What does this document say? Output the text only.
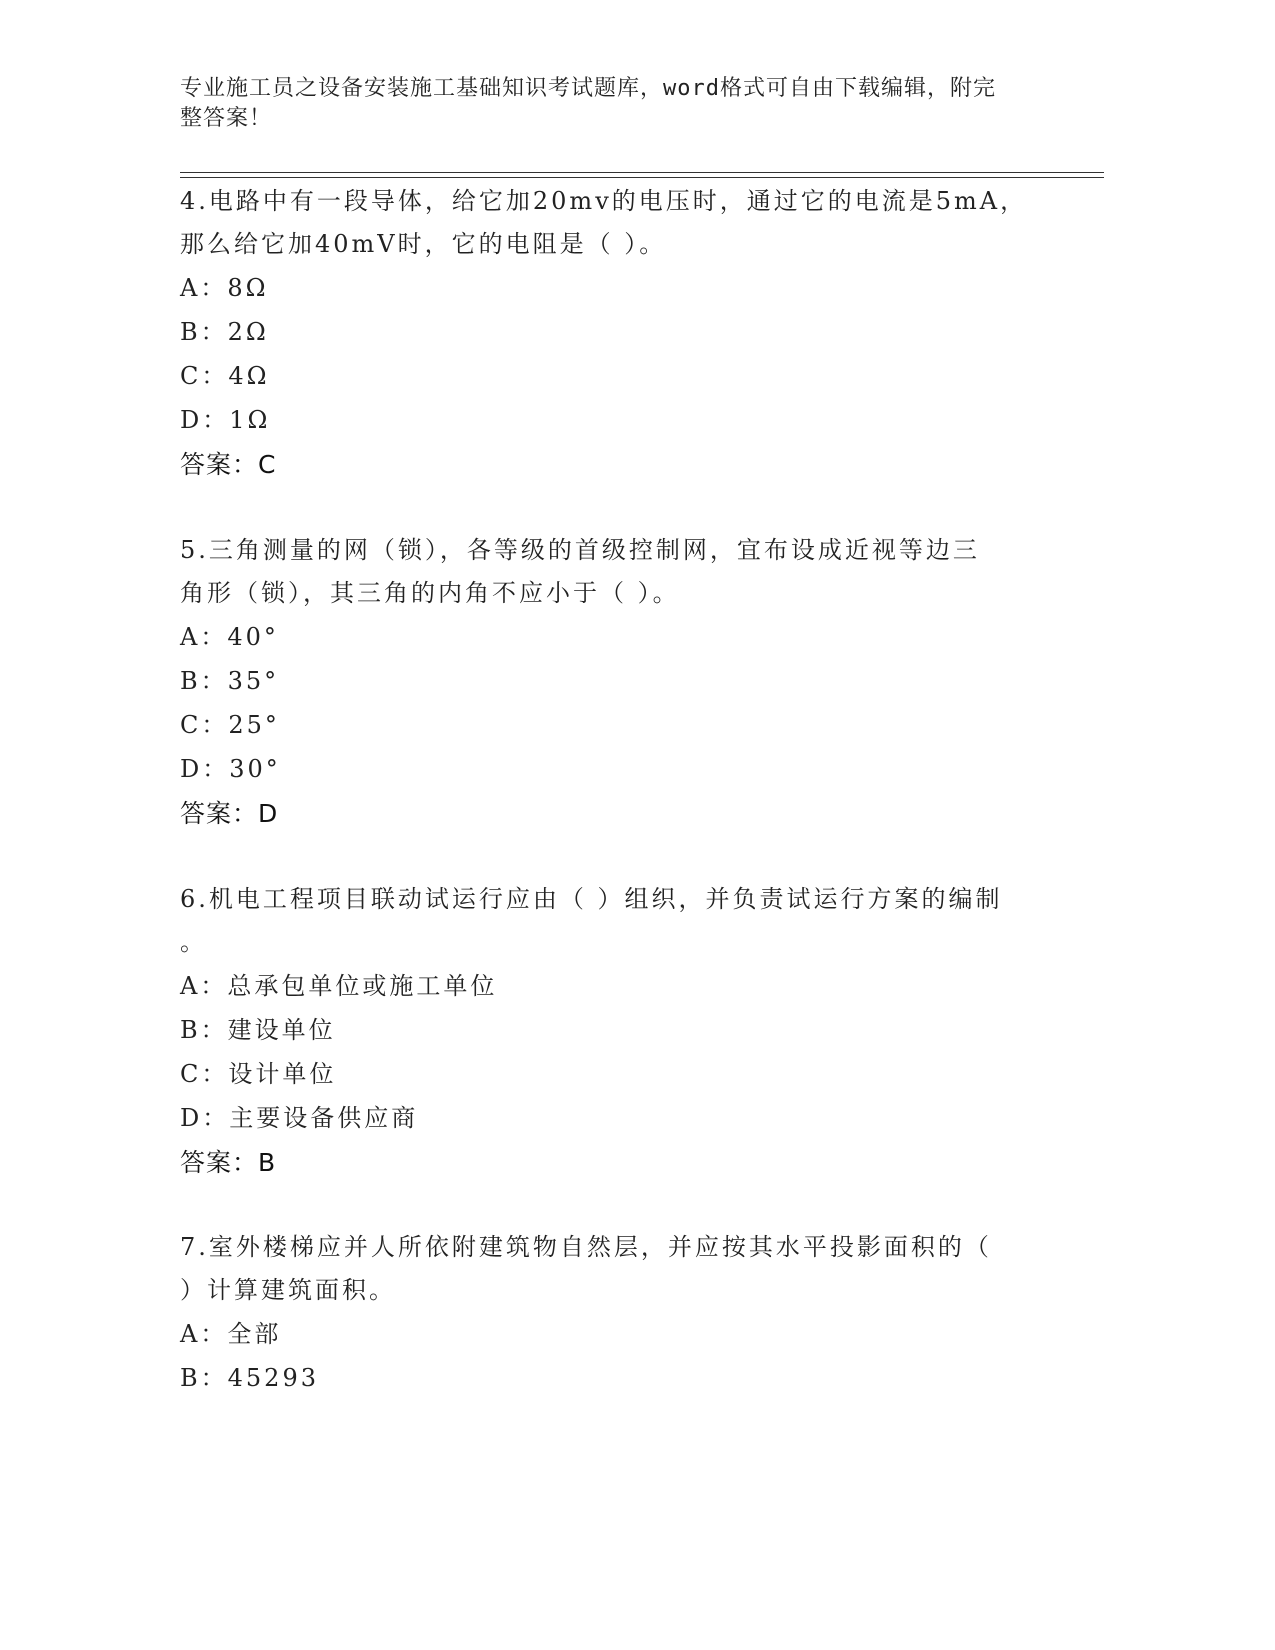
专业施工员之设备安装施工基础知识考试题库，word格式可自由下载编辑，附完
整答案！

4.电路中有一段导体，给它加20mv的电压时，通过它的电流是5mA，

那么给它加40mV时，它的电阻是（ ）。

A：8Ω

B：2Ω

C：4Ω

D：1Ω

答案：C

5.三角测量的网（锁），各等级的首级控制网，宜布设成近视等边三

角形（锁），其三角的内角不应小于（ ）。

A：40°

B：35°

C：25°

D：30°

答案：D

6.机电工程项目联动试运行应由（ ）组织，并负责试运行方案的编制

。

A：总承包单位或施工单位

B：建设单位

C：设计单位

D：主要设备供应商

答案：B

7.室外楼梯应并人所依附建筑物自然层，并应按其水平投影面积的（

）计算建筑面积。

A：全部

B：45293
